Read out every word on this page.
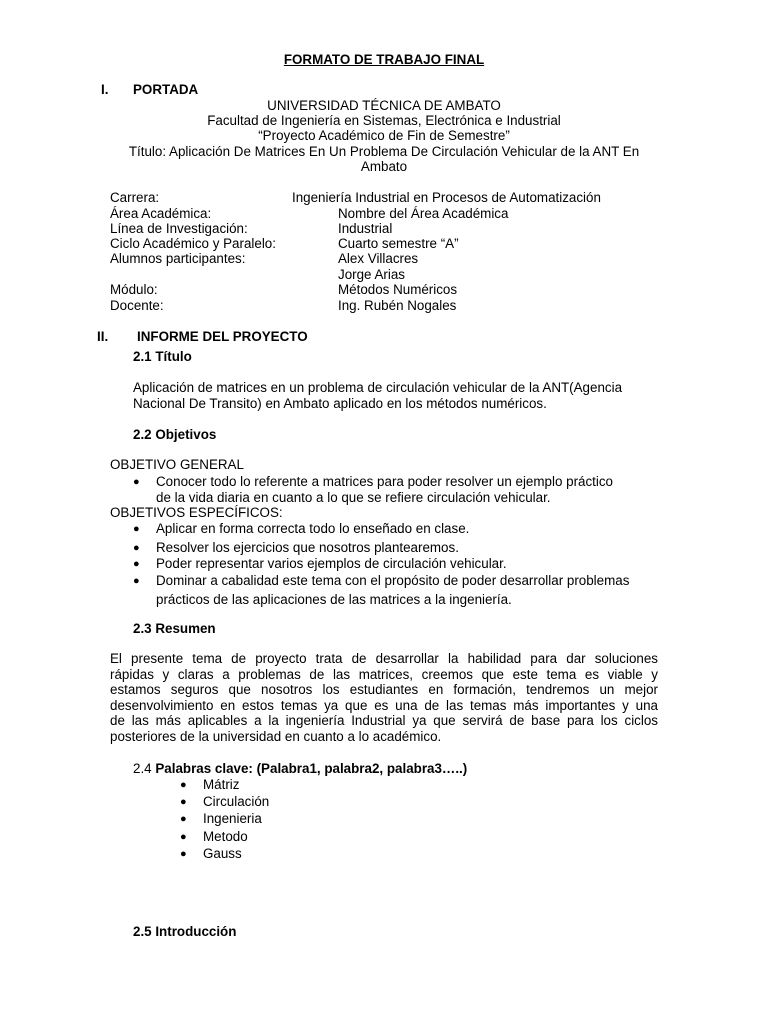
FORMATO DE TRABAJO FINAL
I. PORTADA
UNIVERSIDAD TÉCNICA DE AMBATO
Facultad de Ingeniería en Sistemas, Electrónica e Industrial
“Proyecto Académico de Fin de Semestre”
Título: Aplicación De Matrices En Un Problema De Circulación Vehicular de la ANT En
Ambato
Carrera:	Ingeniería Industrial en Procesos de Automatización
Área Académica:	Nombre del Área Académica
Línea de Investigación:	Industrial
Ciclo Académico y Paralelo:	Cuarto semestre “A”
Alumnos participantes:	Alex Villacres
Jorge Arias
Módulo:	Métodos Numéricos
Docente:	Ing. Rubén Nogales
II. INFORME DEL PROYECTO
2.1 Título
Aplicación de matrices en un problema de circulación vehicular de la ANT(Agencia
Nacional De Transito) en Ambato aplicado en los métodos numéricos.
2.2 Objetivos
OBJETIVO GENERAL
● Conocer todo lo referente a matrices para poder resolver un ejemplo práctico
de la vida diaria en cuanto a lo que se refiere circulación vehicular.
OBJETIVOS ESPECÍFICOS:
● Aplicar en forma correcta todo lo enseñado en clase.
● Resolver los ejercicios que nosotros plantearemos.
● Poder representar varios ejemplos de circulación vehicular.
● Dominar a cabalidad este tema con el propósito de poder desarrollar problemas
prácticos de las aplicaciones de las matrices a la ingeniería.
2.3 Resumen
El presente tema de proyecto trata de desarrollar la habilidad para dar soluciones
rápidas y claras a problemas de las matrices, creemos que este tema es viable y
estamos seguros que nosotros los estudiantes en formación, tendremos un mejor
desenvolvimiento en estos temas ya que es una de las temas más importantes y una
de las más aplicables a la ingeniería Industrial ya que servirá de base para los ciclos
posteriores de la universidad en cuanto a lo académico.
2.4 Palabras clave: (Palabra1, palabra2, palabra3…..)
● Mátriz
● Circulación
● Ingenieria
● Metodo
● Gauss
2.5 Introducción
